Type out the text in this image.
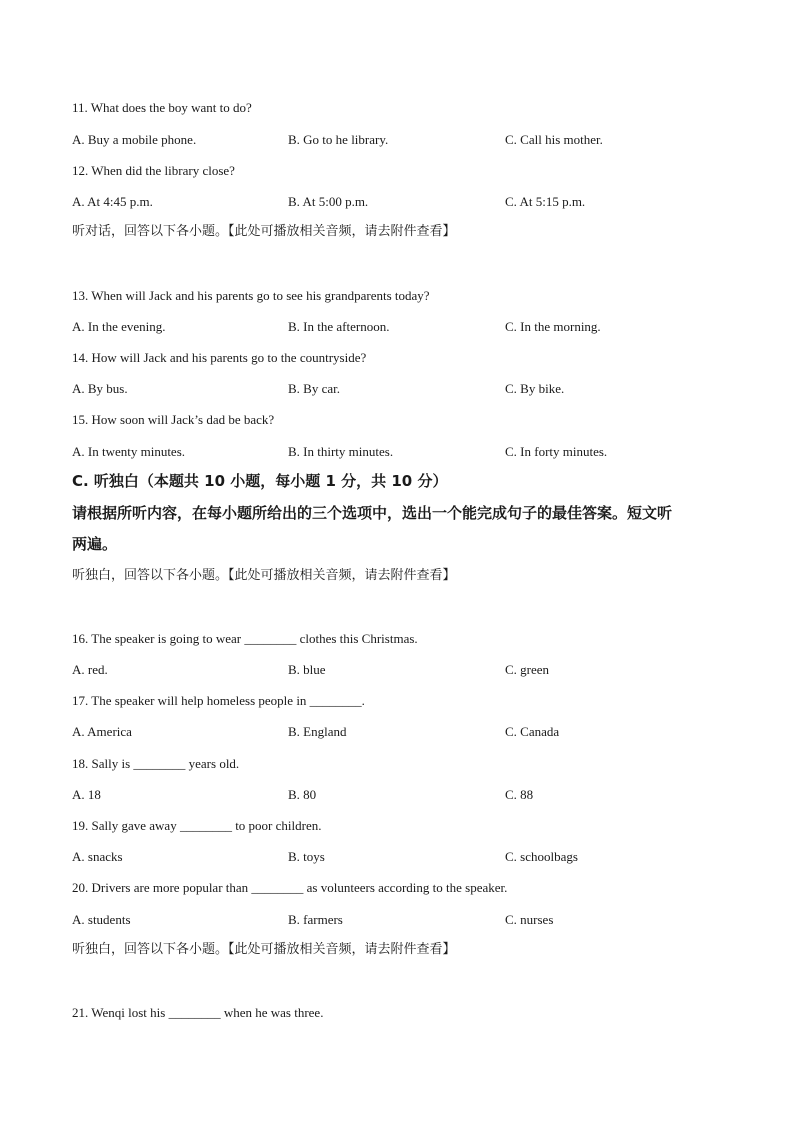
11. What does the boy want to do?
A. Buy a mobile phone.	B. Go to he library.	C. Call his mother.
12. When did the library close?
A. At 4:45 p.m.	B. At 5:00 p.m.	C. At 5:15 p.m.
听对话，回答以下各小题。【此处可播放相关音频，请去附件查看】
13. When will Jack and his parents go to see his grandparents today?
A. In the evening.	B. In the afternoon.	C. In the morning.
14. How will Jack and his parents go to the countryside?
A. By bus.	B. By car.	C. By bike.
15. How soon will Jack’s dad be back?
A. In twenty minutes.	B. In thirty minutes.	C. In forty minutes.
C. 听独白（本题共 10 小题，每小题 1 分，共 10 分）
请根据所听内容，在每小题所给出的三个选项中，选出一个能完成句子的最佳答案。短文听
两遍。
听独白，回答以下各小题。【此处可播放相关音频，请去附件查看】
16. The speaker is going to wear ________ clothes this Christmas.
A. red.	B. blue	C. green
17. The speaker will help homeless people in ________.
A. America	B. England	C. Canada
18. Sally is ________ years old.
A. 18	B. 80	C. 88
19. Sally gave away ________ to poor children.
A. snacks	B. toys	C. schoolbags
20. Drivers are more popular than ________ as volunteers according to the speaker.
A. students	B. farmers	C. nurses
听独白，回答以下各小题。【此处可播放相关音频，请去附件查看】
21. Wenqi lost his ________ when he was three.
